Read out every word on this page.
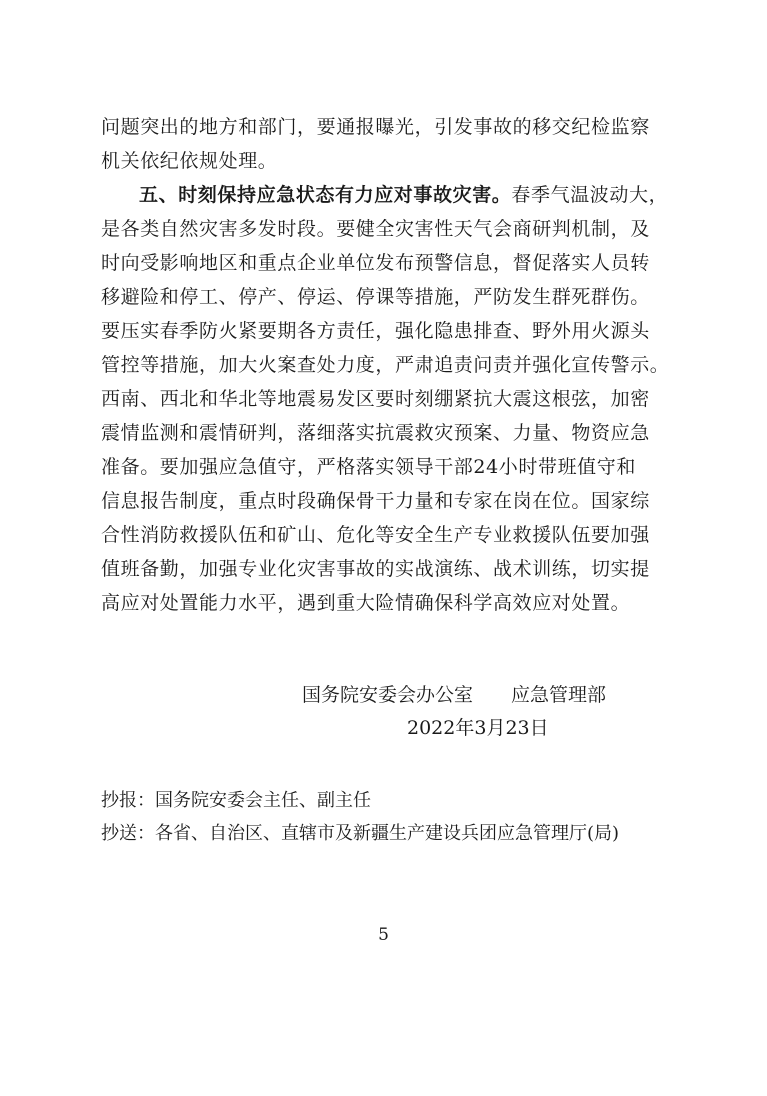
问题突出的地方和部门，要通报曝光，引发事故的移交纪检监察
机关依纪依规处理。
五、时刻保持应急状态有力应对事故灾害。春季气温波动大，
是各类自然灾害多发时段。要健全灾害性天气会商研判机制，及
时向受影响地区和重点企业单位发布预警信息，督促落实人员转
移避险和停工、停产、停运、停课等措施，严防发生群死群伤。
要压实春季防火紧要期各方责任，强化隐患排查、野外用火源头
管控等措施，加大火案查处力度，严肃追责问责并强化宣传警示。
西南、西北和华北等地震易发区要时刻绷紧抗大震这根弦，加密
震情监测和震情研判，落细落实抗震救灾预案、力量、物资应急
准备。要加强应急值守，严格落实领导干部24小时带班值守和
信息报告制度，重点时段确保骨干力量和专家在岗在位。国家综
合性消防救援队伍和矿山、危化等安全生产专业救援队伍要加强
值班备勤，加强专业化灾害事故的实战演练、战术训练，切实提
高应对处置能力水平，遇到重大险情确保科学高效应对处置。
国务院安委会办公室　　应急管理部
2022年3月23日
抄报：国务院安委会主任、副主任
抄送：各省、自治区、直辖市及新疆生产建设兵团应急管理厅(局)
5
